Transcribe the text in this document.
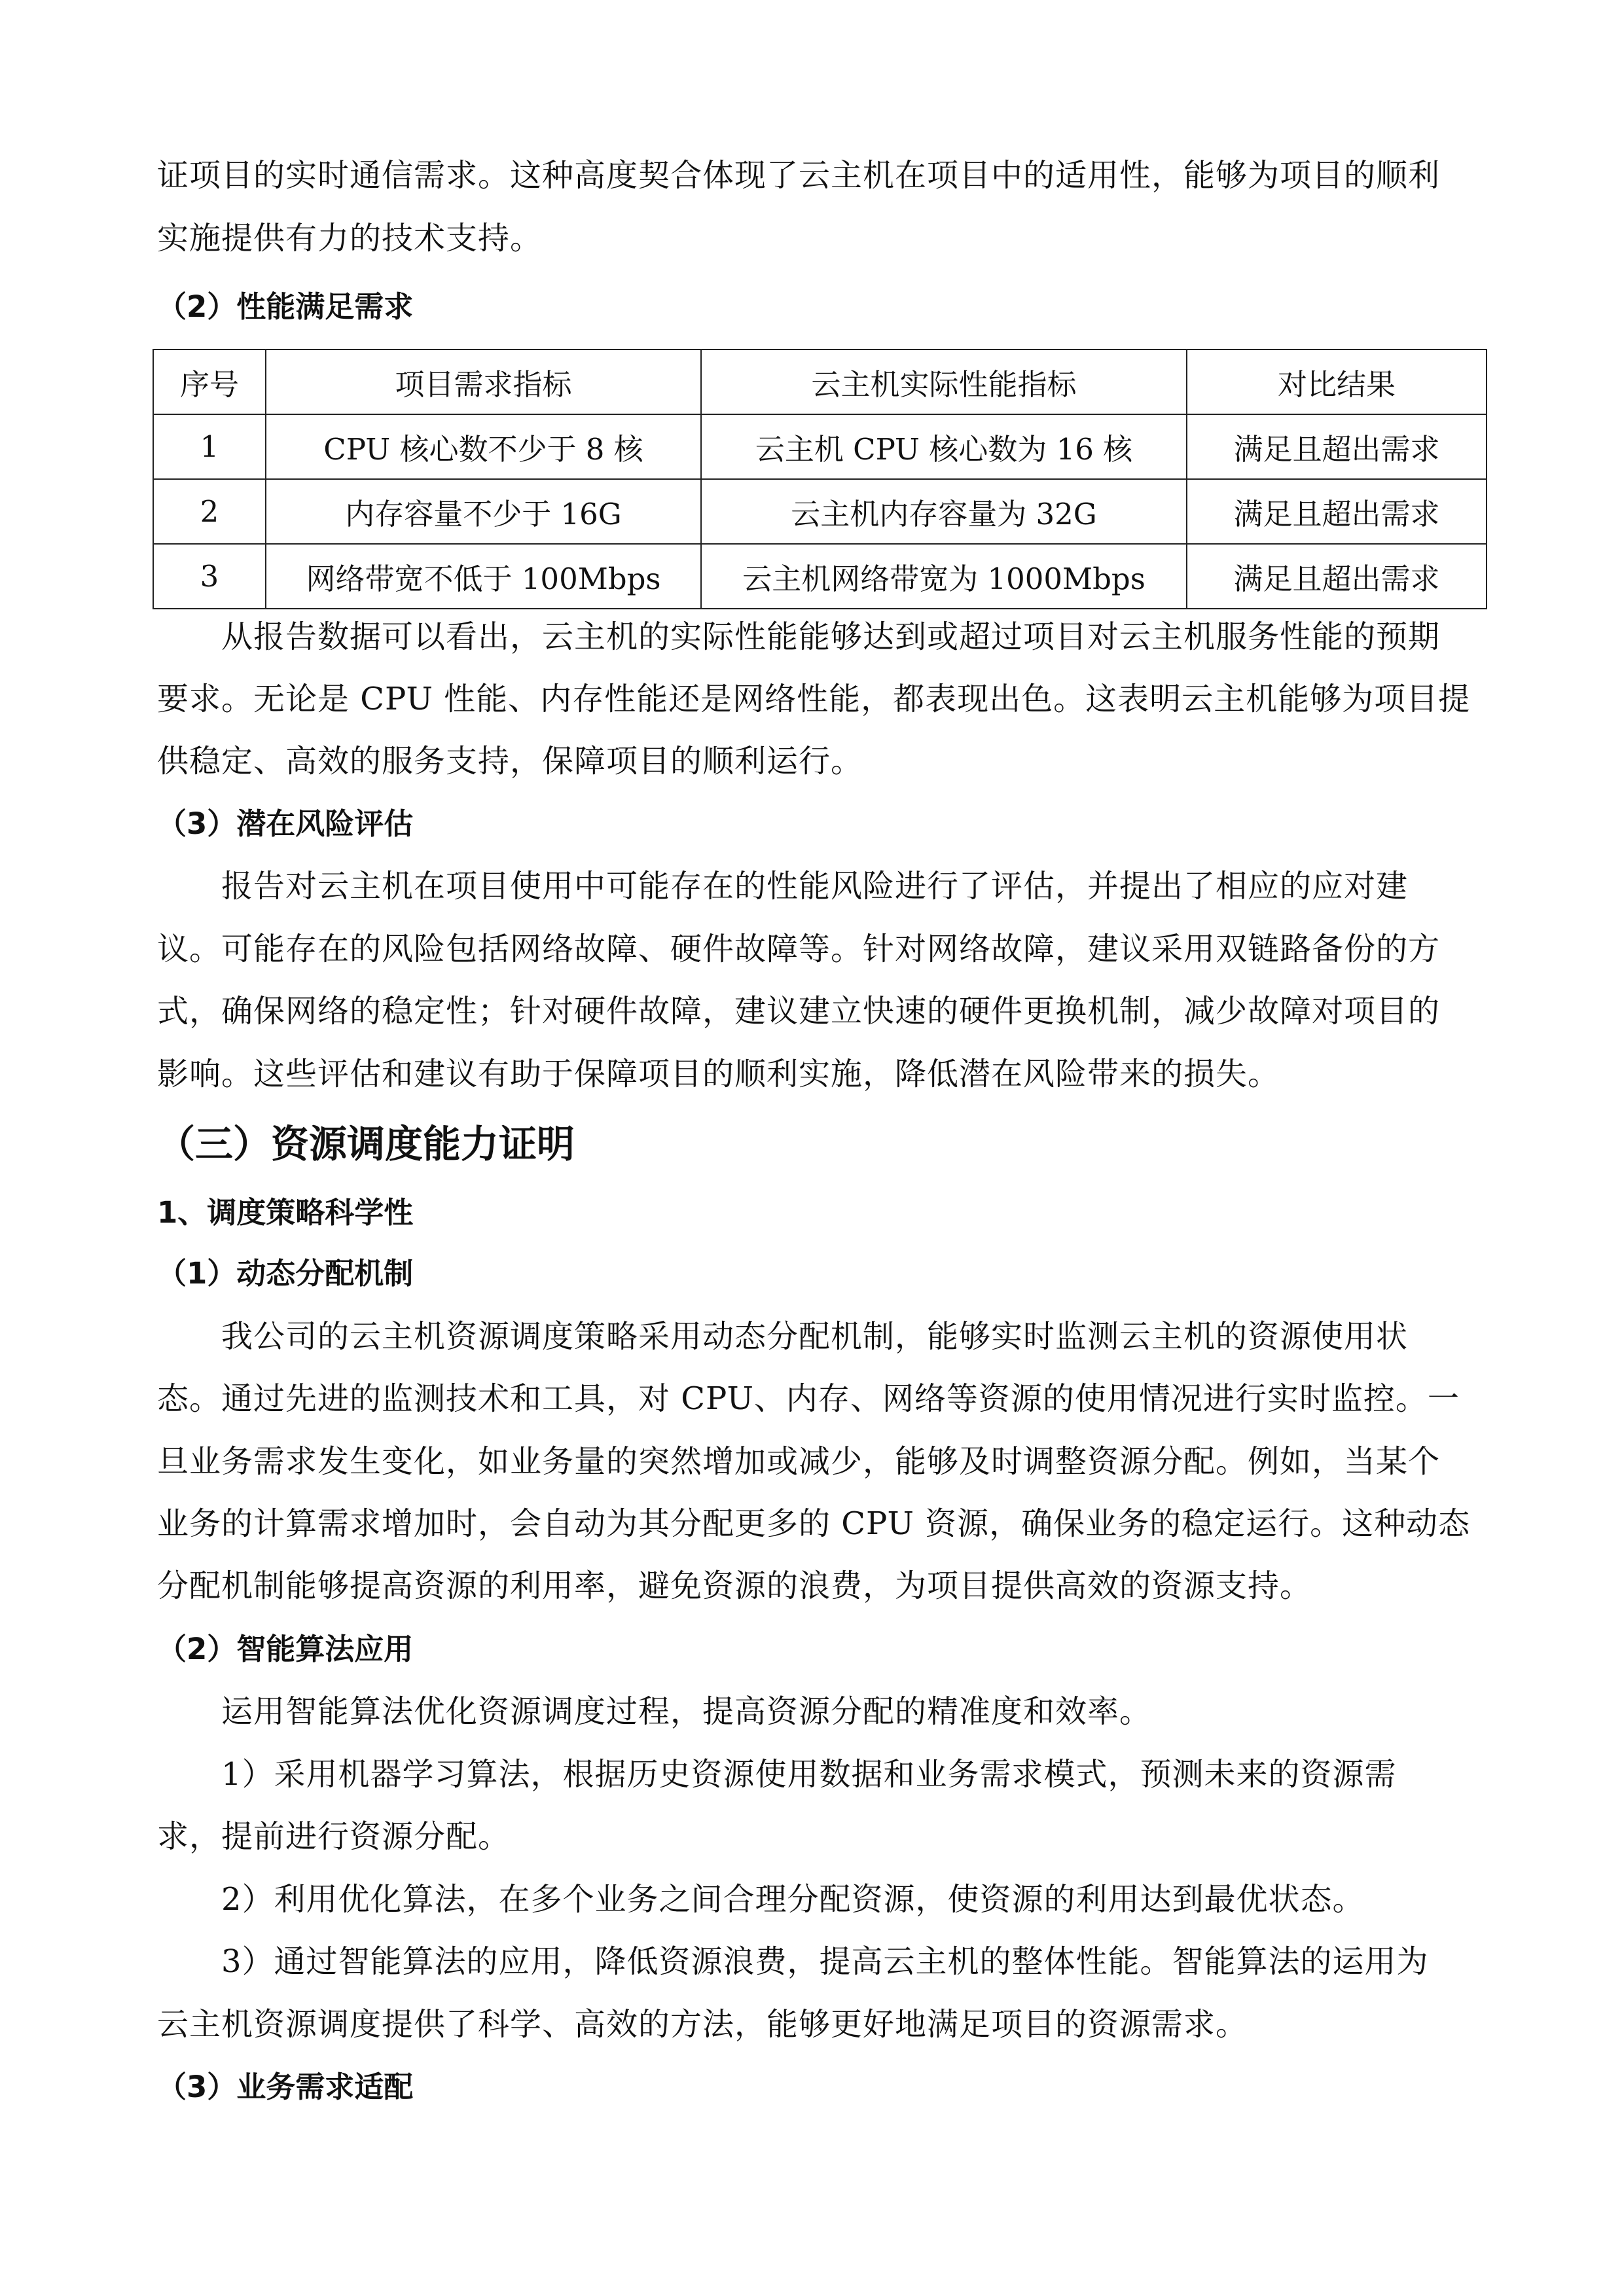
证项目的实时通信需求。这种高度契合体现了云主机在项目中的适用性，能够为项目的顺利
实施提供有力的技术支持。
（2）性能满足需求
序号	项目需求指标	云主机实际性能指标	对比结果
1	CPU 核心数不少于 8 核	云主机 CPU 核心数为 16 核	满足且超出需求
2	内存容量不少于 16G	云主机内存容量为 32G	满足且超出需求
3	网络带宽不低于 100Mbps	云主机网络带宽为 1000Mbps	满足且超出需求
从报告数据可以看出，云主机的实际性能能够达到或超过项目对云主机服务性能的预期
要求。无论是 CPU 性能、内存性能还是网络性能，都表现出色。这表明云主机能够为项目提
供稳定、高效的服务支持，保障项目的顺利运行。
（3）潜在风险评估
报告对云主机在项目使用中可能存在的性能风险进行了评估，并提出了相应的应对建
议。可能存在的风险包括网络故障、硬件故障等。针对网络故障，建议采用双链路备份的方
式，确保网络的稳定性；针对硬件故障，建议建立快速的硬件更换机制，减少故障对项目的
影响。这些评估和建议有助于保障项目的顺利实施，降低潜在风险带来的损失。
（三）资源调度能力证明
1、调度策略科学性
（1）动态分配机制
我公司的云主机资源调度策略采用动态分配机制，能够实时监测云主机的资源使用状
态。通过先进的监测技术和工具，对 CPU、内存、网络等资源的使用情况进行实时监控。一
旦业务需求发生变化，如业务量的突然增加或减少，能够及时调整资源分配。例如，当某个
业务的计算需求增加时，会自动为其分配更多的 CPU 资源，确保业务的稳定运行。这种动态
分配机制能够提高资源的利用率，避免资源的浪费，为项目提供高效的资源支持。
（2）智能算法应用
运用智能算法优化资源调度过程，提高资源分配的精准度和效率。
1）采用机器学习算法，根据历史资源使用数据和业务需求模式，预测未来的资源需
求，提前进行资源分配。
2）利用优化算法，在多个业务之间合理分配资源，使资源的利用达到最优状态。
3）通过智能算法的应用，降低资源浪费，提高云主机的整体性能。智能算法的运用为
云主机资源调度提供了科学、高效的方法，能够更好地满足项目的资源需求。
（3）业务需求适配
